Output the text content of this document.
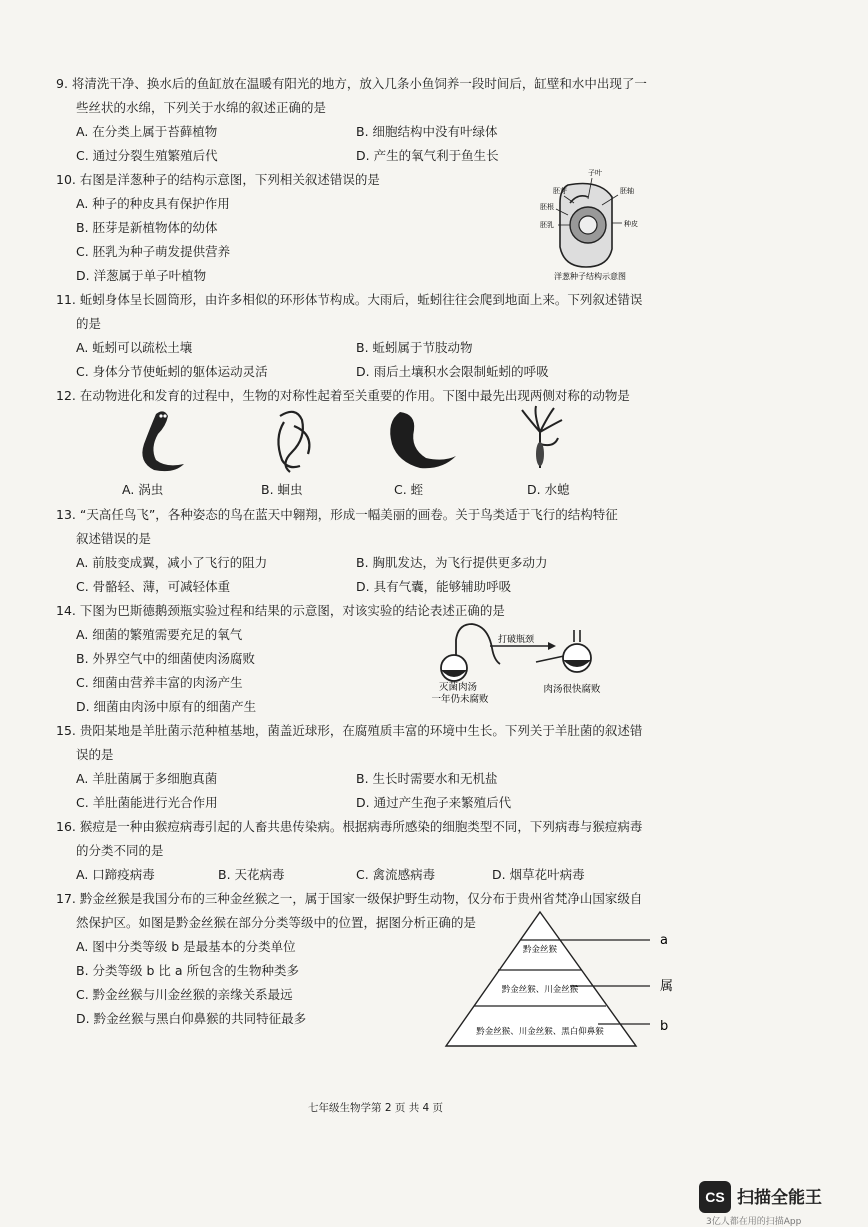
9. 将清洗干净、换水后的鱼缸放在温暖有阳光的地方，放入几条小鱼饲养一段时间后，缸壁和水中出现了一
些丝状的水绵，下列关于水绵的叙述正确的是
A. 在分类上属于苔藓植物	B. 细胞结构中没有叶绿体
C. 通过分裂生殖繁殖后代	D. 产生的氧气利于鱼生长
10. 右图是洋葱种子的结构示意图，下列相关叙述错误的是
A. 种子的种皮具有保护作用
B. 胚芽是新植物体的幼体
C. 胚乳为种子萌发提供营养
D. 洋葱属于单子叶植物
子叶
胚芽	胚轴
胚根
胚乳	种皮
洋葱种子结构示意图
11. 蚯蚓身体呈长圆筒形，由许多相似的环形体节构成。大雨后，蚯蚓往往会爬到地面上来。下列叙述错误
的是
A. 蚯蚓可以疏松土壤	B. 蚯蚓属于节肢动物
C. 身体分节使蚯蚓的躯体运动灵活	D. 雨后土壤积水会限制蚯蚓的呼吸
12. 在动物进化和发育的过程中，生物的对称性起着至关重要的作用。下图中最先出现两侧对称的动物是
A. 涡虫	B. 蛔虫	C. 蛭	D. 水螅
13. “天高任鸟飞”，各种姿态的鸟在蓝天中翱翔，形成一幅美丽的画卷。关于鸟类适于飞行的结构特征
叙述错误的是
A. 前肢变成翼，减小了飞行的阻力	B. 胸肌发达，为飞行提供更多动力
C. 骨骼轻、薄，可减轻体重	D. 具有气囊，能够辅助呼吸
14. 下图为巴斯德鹅颈瓶实验过程和结果的示意图，对该实验的结论表述正确的是
A. 细菌的繁殖需要充足的氧气
B. 外界空气中的细菌使肉汤腐败
C. 细菌由营养丰富的肉汤产生
D. 细菌由肉汤中原有的细菌产生
打破瓶颈
灭菌肉汤
一年仍未腐败
肉汤很快腐败
15. 贵阳某地是羊肚菌示范种植基地，菌盖近球形，在腐殖质丰富的环境中生长。下列关于羊肚菌的叙述错
误的是
A. 羊肚菌属于多细胞真菌	B. 生长时需要水和无机盐
C. 羊肚菌能进行光合作用	D. 通过产生孢子来繁殖后代
16. 猴痘是一种由猴痘病毒引起的人畜共患传染病。根据病毒所感染的细胞类型不同，下列病毒与猴痘病毒
的分类不同的是
A. 口蹄疫病毒	B. 天花病毒	C. 禽流感病毒	D. 烟草花叶病毒
17. 黔金丝猴是我国分布的三种金丝猴之一，属于国家一级保护野生动物，仅分布于贵州省梵净山国家级自
然保护区。如图是黔金丝猴在部分分类等级中的位置，据图分析正确的是
A. 图中分类等级 b 是最基本的分类单位
B. 分类等级 b 比 a 所包含的生物种类多
C. 黔金丝猴与川金丝猴的亲缘关系最远
D. 黔金丝猴与黑白仰鼻猴的共同特征最多
黔金丝猴
黔金丝猴、川金丝猴
黔金丝猴、川金丝猴、黑白仰鼻猴
a
属
b
七年级生物学第 2 页 共 4 页
CS 扫描全能王
3亿人都在用的扫描App
